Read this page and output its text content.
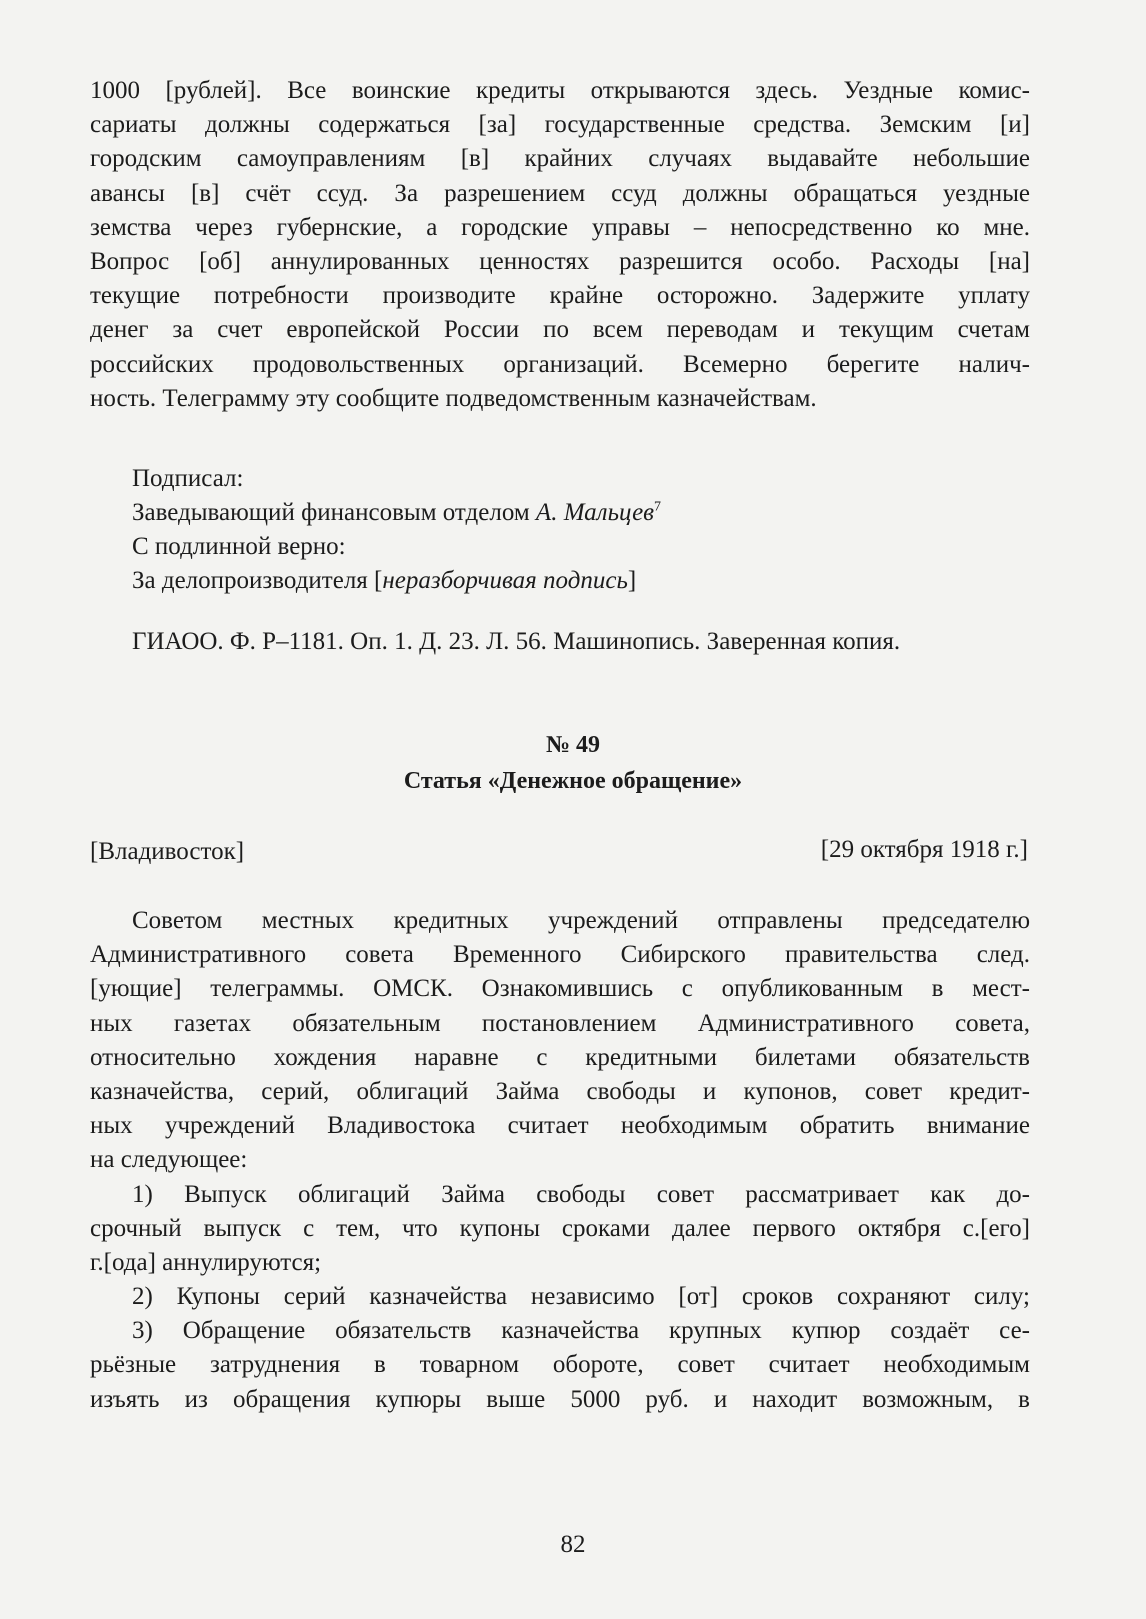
1000 [рублей]. Все воинские кредиты открываются здесь. Уездные комис-
сариаты должны содержаться [за] государственные средства. Земским [и]
городским самоуправлениям [в] крайних случаях выдавайте небольшие
авансы [в] счёт ссуд. За разрешением ссуд должны обращаться уездные
земства через губернские, а городские управы – непосредственно ко мне.
Вопрос [об] аннулированных ценностях разрешится особо. Расходы [на]
текущие потребности производите крайне осторожно. Задержите уплату
денег за счет европейской России по всем переводам и текущим счетам
российских продовольственных организаций. Всемерно берегите налич-
ность. Телеграмму эту сообщите подведомственным казначействам.
Подписал:
Заведывающий финансовым отделом А. Мальцев$^7$
С подлинной верно:
За делопроизводителя [неразборчивая подпись]
ГИАОО. Ф. Р–1181. Оп. 1. Д. 23. Л. 56. Машинопись. Заверенная копия.
№ 49
Статья «Денежное обращение»
[Владивосток]	[29 октября 1918 г.]
Советом местных кредитных учреждений отправлены председателю
Административного совета Временного Сибирского правительства след.
[ующие] телеграммы. ОМСК. Ознакомившись с опубликованным в мест-
ных газетах обязательным постановлением Административного совета,
относительно хождения наравне с кредитными билетами обязательств
казначейства, серий, облигаций Займа свободы и купонов, совет кредит-
ных учреждений Владивостока считает необходимым обратить внимание
на следующее:
1) Выпуск облигаций Займа свободы совет рассматривает как до-
срочный выпуск с тем, что купоны сроками далее первого октября с.[его]
г.[ода] аннулируются;
2) Купоны серий казначейства независимо [от] сроков сохраняют силу;
3) Обращение обязательств казначейства крупных купюр создаёт се-
рьёзные затруднения в товарном обороте, совет считает необходимым
изъять из обращения купюры выше 5000 руб. и находит возможным, в
82
